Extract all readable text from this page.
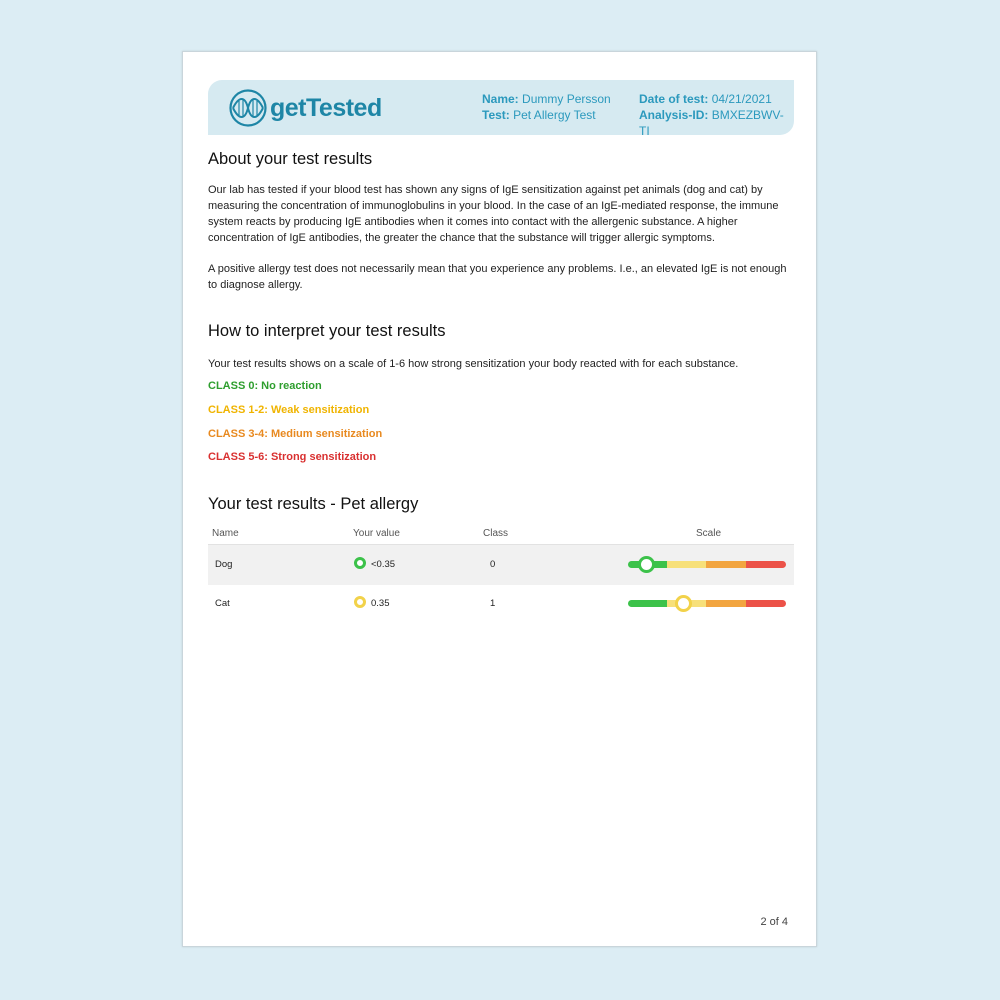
getTested	Name: Dummy Persson
Test: Pet Allergy Test
Date of test: 04/21/2021
Analysis-ID: BMXEZBWV-TI
About your test results

Our lab has tested if your blood test has shown any signs of IgE sensitization against pet animals (dog and cat) by measuring the concentration of immunoglobulins in your blood. In the case of an IgE-mediated response, the immune system reacts by producing IgE antibodies when it comes into contact with the allergenic substance. A higher concentration of IgE antibodies, the greater the chance that the substance will trigger allergic symptoms.

A positive allergy test does not necessarily mean that you experience any problems. I.e., an elevated IgE is not enough to diagnose allergy.

How to interpret your test results

Your test results shows on a scale of 1-6 how strong sensitization your body reacted with for each substance.

CLASS 0: No reaction

CLASS 1-2: Weak sensitization

CLASS 3-4: Medium sensitization

CLASS 5-6: Strong sensitization

Your test results - Pet allergy
Name	Your value	Class	Scale
Dog	<0.35	0
Cat	0.35	1
2 of 4
